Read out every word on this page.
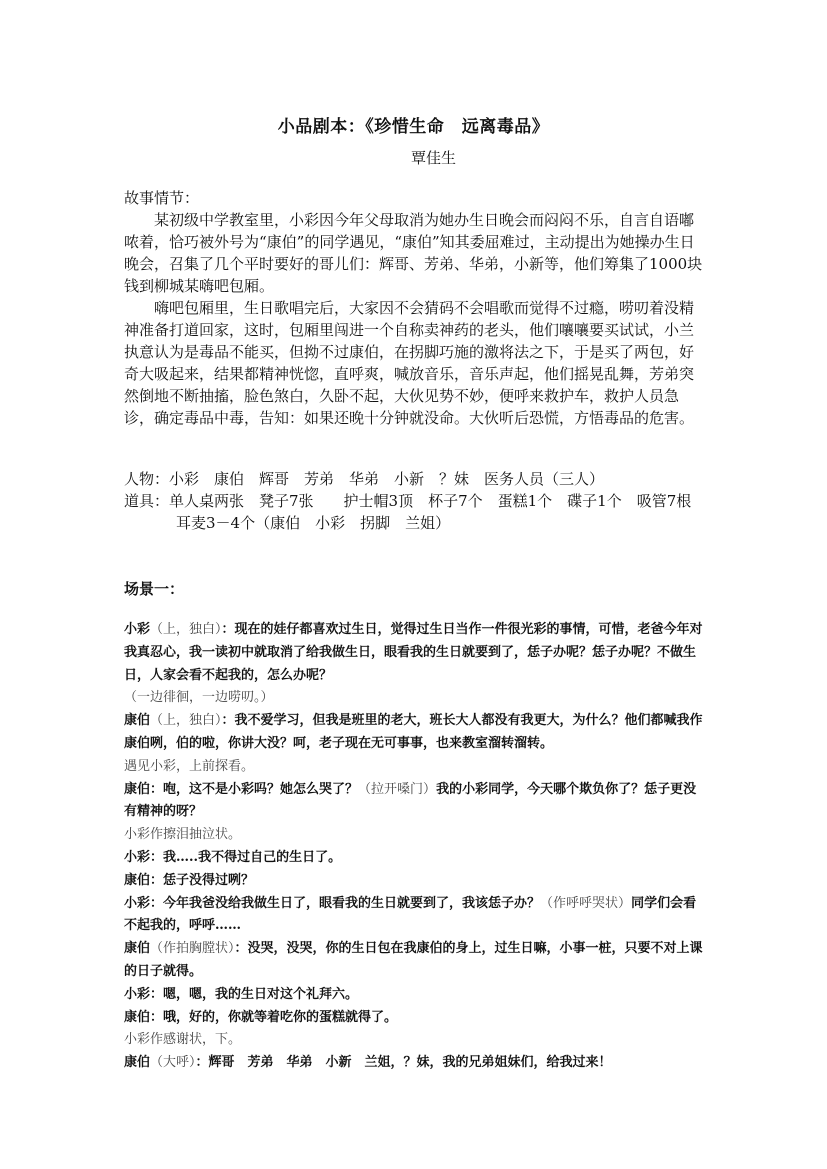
小品剧本：《珍惜生命　远离毒品》
覃佳生

故事情节：

某初级中学教室里，小彩因今年父母取消为她办生日晚会而闷闷不乐，自言自语嘟哝着，恰巧被外号为“康伯”的同学遇见，“康伯”知其委屈难过，主动提出为她操办生日晚会，召集了几个平时要好的哥儿们：辉哥、芳弟、华弟，小新等，他们筹集了1000块钱到柳城某嗨吧包厢。

嗨吧包厢里，生日歌唱完后，大家因不会猜码不会唱歌而觉得不过瘾，唠叨着没精神准备打道回家，这时，包厢里闯进一个自称卖神药的老头，他们嚷嚷要买试试，小兰执意认为是毒品不能买，但拗不过康伯，在拐脚巧施的激将法之下，于是买了两包，好奇大吸起来，结果都精神恍惚，直呼爽，喊放音乐，音乐声起，他们摇晃乱舞，芳弟突然倒地不断抽搐，脸色煞白，久卧不起，大伙见势不妙，便呼来救护车，救护人员急诊，确定毒品中毒，告知：如果还晚十分钟就没命。大伙听后恐慌，方悟毒品的危害。

人物：小彩　康伯　辉哥　芳弟　华弟　小新　？妹　医务人员（三人）

道具：单人桌两张　凳子7张　　护士帽3顶　杯子7个　蛋糕1个　碟子1个　吸管7根

耳麦3－4个（康伯　小彩　拐脚　兰姐）

场景一：

小彩（上，独白）：现在的娃仔都喜欢过生日，觉得过生日当作一件很光彩的事情，可惜，老爸今年对我真忍心，我一读初中就取消了给我做生日，眼看我的生日就要到了，恁子办呢？恁子办呢？不做生日，人家会看不起我的，怎么办呢？

（一边徘徊，一边唠叨。）

康伯（上，独白）：我不爱学习，但我是班里的老大，班长大人都没有我更大，为什么？他们都喊我作康伯咧，伯的啦，你讲大没？呵，老子现在无可事事，也来教室溜转溜转。

遇见小彩，上前探看。

康伯：咆，这不是小彩吗？她怎么哭了？（拉开嗓门）我的小彩同学，今天哪个欺负你了？恁子更没有精神的呀？

小彩作擦泪抽泣状。

小彩：我…..我不得过自己的生日了。

康伯：恁子没得过咧？

小彩：今年我爸没给我做生日了，眼看我的生日就要到了，我该恁子办？（作呼呼哭状）同学们会看不起我的，呼呼……

康伯（作拍胸膛状）：没哭，没哭，你的生日包在我康伯的身上，过生日嘛，小事一桩，只要不对上课的日子就得。

小彩：嗯，嗯，我的生日对这个礼拜六。

康伯：哦，好的，你就等着吃你的蛋糕就得了。

小彩作感谢状，下。

康伯（大呼）：辉哥　芳弟　华弟　小新　兰姐，？妹，我的兄弟姐妹们，给我过来！
